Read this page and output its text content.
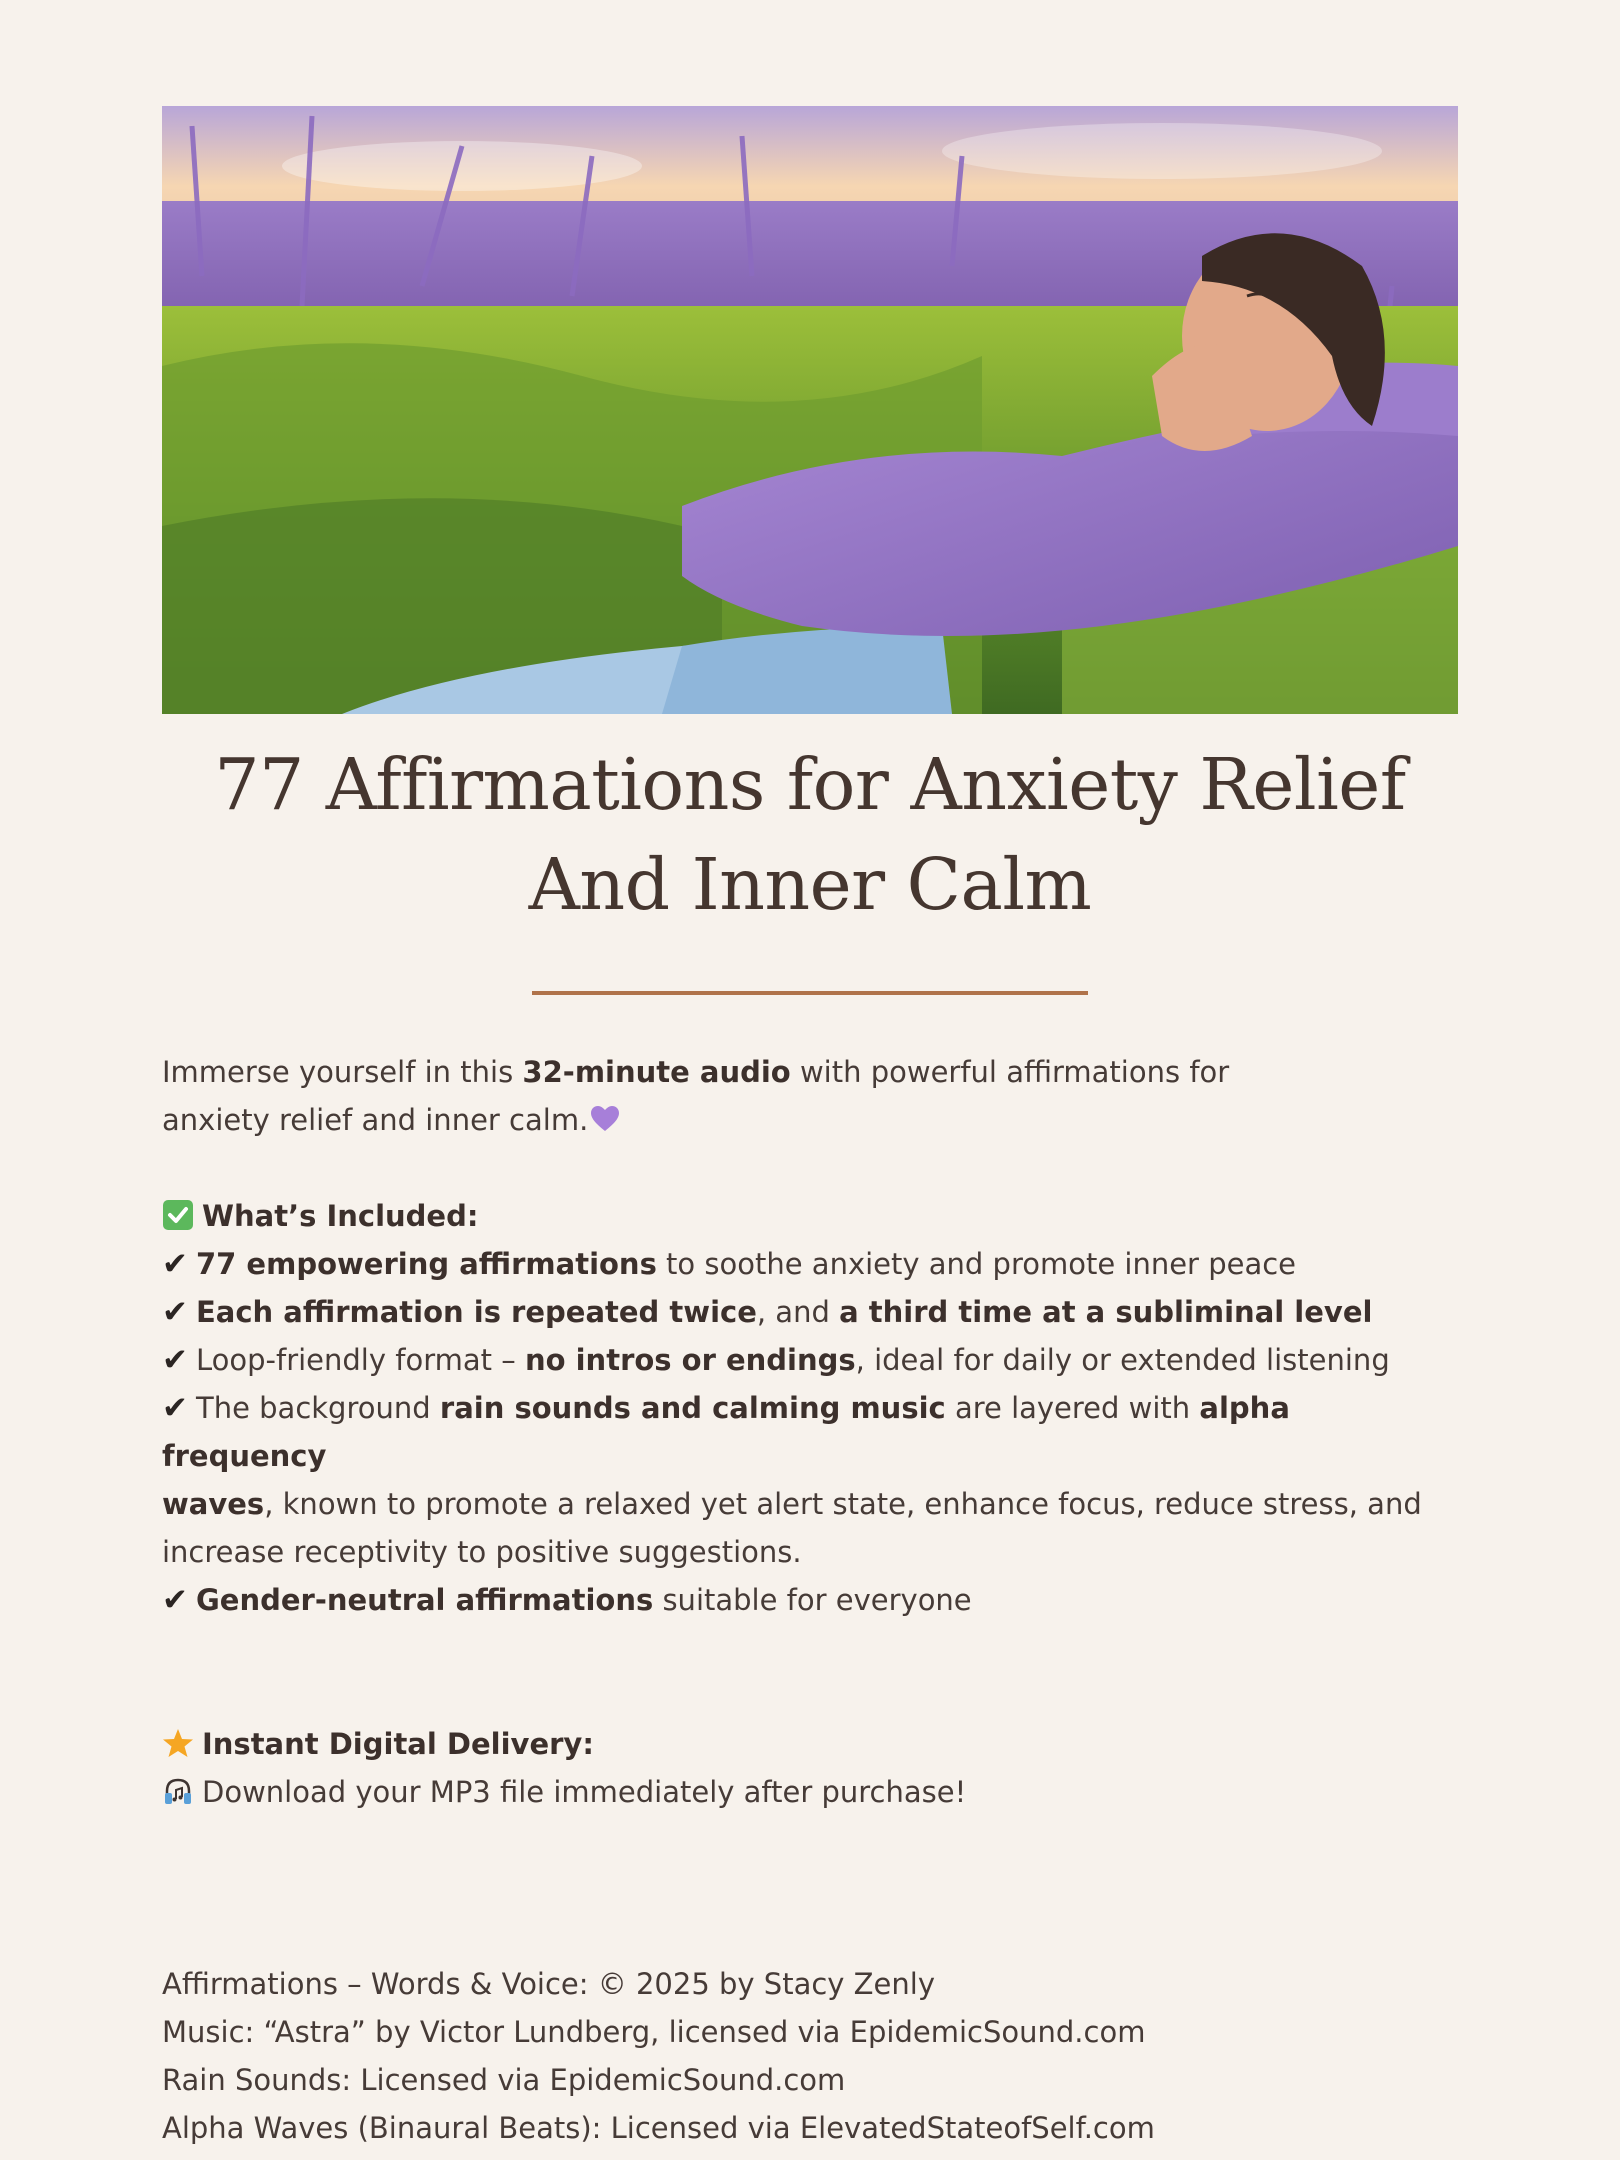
77 Affirmations for Anxiety Relief And Inner Calm

Immerse yourself in this 32-minute audio with powerful affirmations for

anxiety relief and inner calm.

What’s Included:

✔ 77 empowering affirmations to soothe anxiety and promote inner peace

✔ Each affirmation is repeated twice, and a third time at a subliminal level

✔ Loop-friendly format – no intros or endings, ideal for daily or extended listening

✔ The background rain sounds and calming music are layered with alpha frequency

waves, known to promote a relaxed yet alert state, enhance focus, reduce stress, and

increase receptivity to positive suggestions.

✔ Gender-neutral affirmations suitable for everyone

Instant Digital Delivery:

Download your MP3 file immediately after purchase!

Affirmations – Words & Voice: © 2025 by Stacy Zenly

Music: “Astra” by Victor Lundberg, licensed via EpidemicSound.com

Rain Sounds: Licensed via EpidemicSound.com

Alpha Waves (Binaural Beats): Licensed via ElevatedStateofSelf.com
